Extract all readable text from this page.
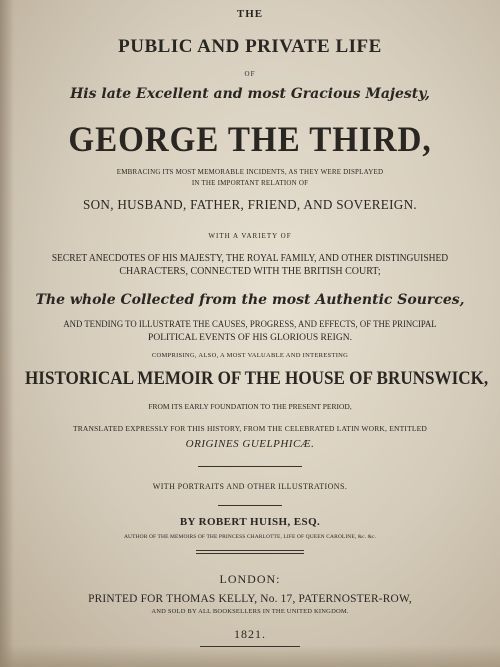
THE
PUBLIC AND PRIVATE LIFE
OF
His late Excellent and most Gracious Majesty,
GEORGE THE THIRD,
EMBRACING ITS MOST MEMORABLE INCIDENTS, AS THEY WERE DISPLAYED
IN THE IMPORTANT RELATION OF
SON, HUSBAND, FATHER, FRIEND, AND SOVEREIGN.
WITH A VARIETY OF
SECRET ANECDOTES OF HIS MAJESTY, THE ROYAL FAMILY, AND OTHER DISTINGUISHED
CHARACTERS, CONNECTED WITH THE BRITISH COURT;
The whole Collected from the most Authentic Sources,
AND TENDING TO ILLUSTRATE THE CAUSES, PROGRESS, AND EFFECTS, OF THE PRINCIPAL
POLITICAL EVENTS OF HIS GLORIOUS REIGN.
COMPRISING, ALSO, A MOST VALUABLE AND INTERESTING
HISTORICAL MEMOIR OF THE HOUSE OF BRUNSWICK,
FROM ITS EARLY FOUNDATION TO THE PRESENT PERIOD,
TRANSLATED EXPRESSLY FOR THIS HISTORY, FROM THE CELEBRATED LATIN WORK, ENTITLED
ORIGINES GUELPHICÆ.
WITH PORTRAITS AND OTHER ILLUSTRATIONS.
BY ROBERT HUISH, ESQ.
AUTHOR OF THE MEMOIRS OF THE PRINCESS CHARLOTTE, LIFE OF QUEEN CAROLINE, &c. &c.
LONDON:
PRINTED FOR THOMAS KELLY, No. 17, PATERNOSTER-ROW,
AND SOLD BY ALL BOOKSELLERS IN THE UNITED KINGDOM.
1821.
